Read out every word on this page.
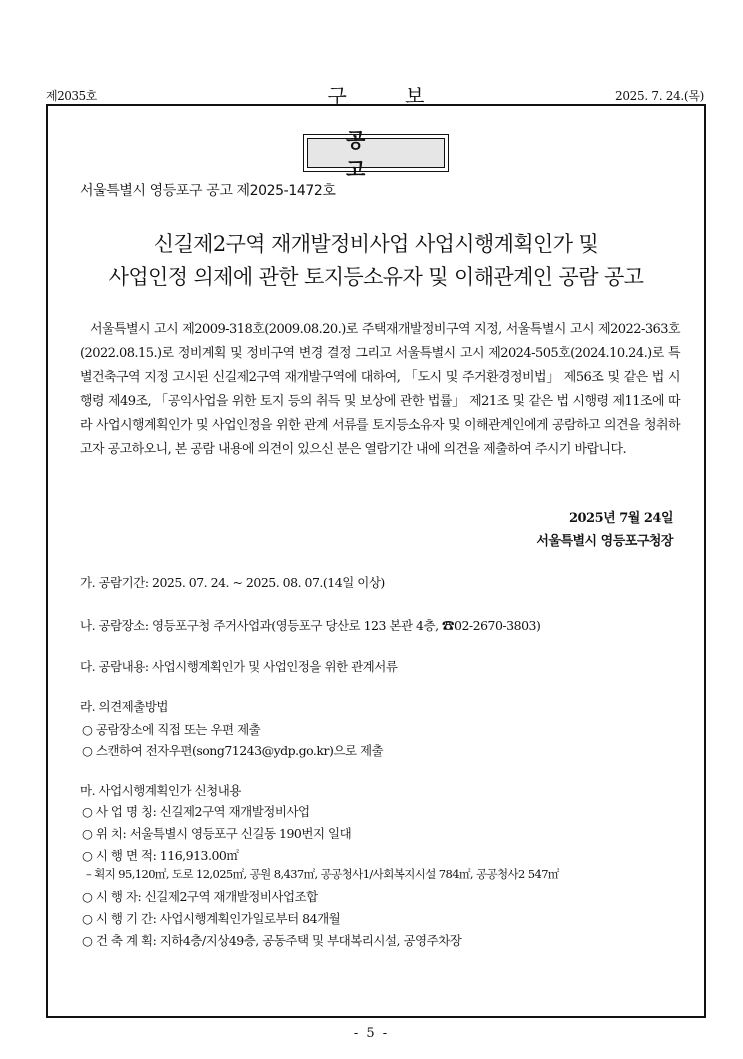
제2035호	구 보	2025. 7. 24.(목)
공 고
서울특별시 영등포구 공고 제2025-1472호
신길제2구역 재개발정비사업 사업시행계획인가 및
사업인정 의제에 관한 토지등소유자 및 이해관계인 공람 공고

서울특별시 고시 제2009-318호(2009.08.20.)로 주택재개발정비구역 지정, 서울특별시 고시 제2022-363호(2022.08.15.)로 정비계획 및 정비구역 변경 결정 그리고 서울특별시 고시 제2024-505호(2024.10.24.)로 특별건축구역 지정 고시된 신길제2구역 재개발구역에 대하여, 「도시 및 주거환경정비법」 제56조 및 같은 법 시행령 제49조, 「공익사업을 위한 토지 등의 취득 및 보상에 관한 법률」 제21조 및 같은 법 시행령 제11조에 따라 사업시행계획인가 및 사업인정을 위한 관계 서류를 토지등소유자 및 이해관계인에게 공람하고 의견을 청취하고자 공고하오니, 본 공람 내용에 의견이 있으신 분은 열람기간 내에 의견을 제출하여 주시기 바랍니다.

2025년 7월 24일
서울특별시 영등포구청장
가. 공람기간: 2025. 07. 24. ~ 2025. 08. 07.(14일 이상)
나. 공람장소: 영등포구청 주거사업과(영등포구 당산로 123 본관 4층, ☎02-2670-3803)
다. 공람내용: 사업시행계획인가 및 사업인정을 위한 관계서류
라. 의견제출방법
○ 공람장소에 직접 또는 우편 제출
○ 스캔하여 전자우편(song71243@ydp.go.kr)으로 제출
마. 사업시행계획인가 신청내용
○ 사 업 명 칭: 신길제2구역 재개발정비사업
○ 위 치: 서울특별시 영등포구 신길동 190번지 일대
○ 시 행 면 적: 116,913.00㎡
– 획지 95,120㎡, 도로 12,025㎡, 공원 8,437㎡, 공공청사1/사회복지시설 784㎡, 공공청사2 547㎡
○ 시 행 자: 신길제2구역 재개발정비사업조합
○ 시 행 기 간: 사업시행계획인가일로부터 84개월
○ 건 축 계 획: 지하4층/지상49층, 공동주택 및 부대복리시설, 공영주차장
- 5 -
